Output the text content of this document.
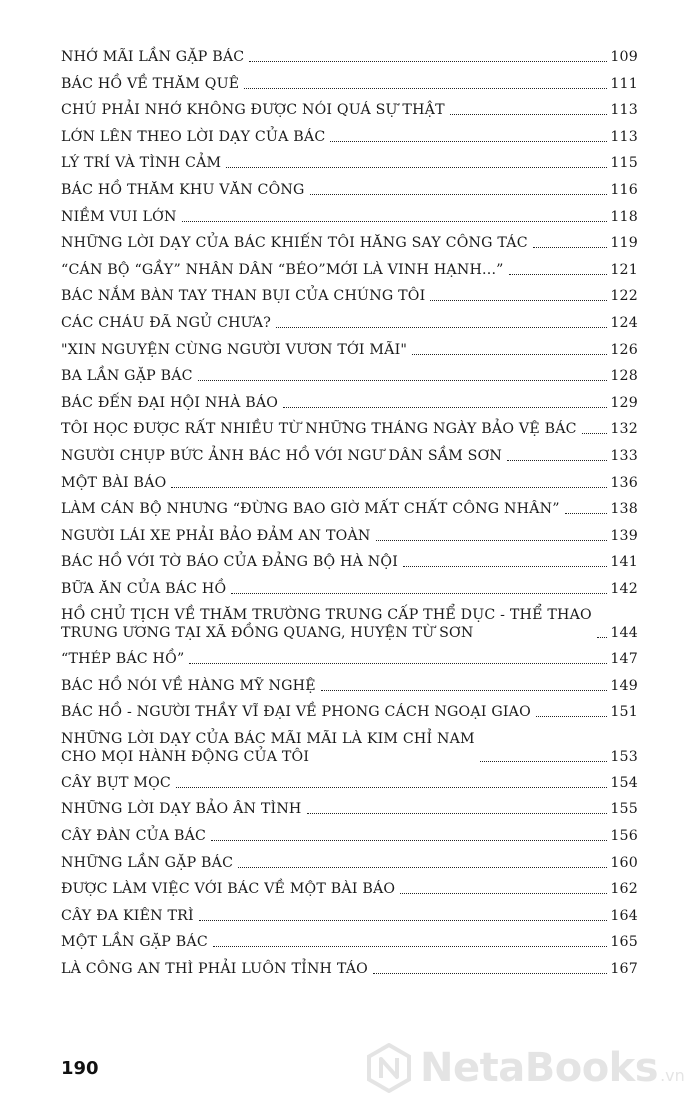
NHỚ MÃI LẦN GẶP BÁC	109
BÁC HỒ VỀ THĂM QUÊ	111
CHÚ PHẢI NHỚ KHÔNG ĐƯỢC NÓI QUÁ SỰ THẬT	113
LỚN LÊN THEO LỜI DẠY CỦA BÁC	113
LÝ TRÍ VÀ TÌNH CẢM	115
BÁC HỒ THĂM KHU VĂN CÔNG	116
NIỀM VUI LỚN	118
NHỮNG LỜI DẠY CỦA BÁC KHIẾN TÔI HĂNG SAY CÔNG TÁC	119
“CÁN BỘ “GẦY” NHÂN DÂN “BÉO”MỚI LÀ VINH HẠNH...”	121
BÁC NẮM BÀN TAY THAN BỤI CỦA CHÚNG TÔI	122
CÁC CHÁU ĐÃ NGỦ CHƯA?	124
"XIN NGUYỆN CÙNG NGƯỜI VƯƠN TỚI MÃI"	126
BA LẦN GẶP BÁC	128
BÁC ĐẾN ĐẠI HỘI NHÀ BÁO	129
TÔI HỌC ĐƯỢC RẤT NHIỀU TỪ NHỮNG THÁNG NGÀY BẢO VỆ BÁC 132
NGƯỜI CHỤP BỨC ẢNH BÁC HỒ VỚI NGƯ DÂN SẦM SƠN	133
MỘT BÀI BÁO	136
LÀM CÁN BỘ NHƯNG “ĐỪNG BAO GIỜ MẤT CHẤT CÔNG NHÂN”	138
NGƯỜI LÁI XE PHẢI BẢO ĐẢM AN TOÀN	139
BÁC HỒ VỚI TỜ BÁO CỦA ĐẢNG BỘ HÀ NỘI	141
BỮA ĂN CỦA BÁC HỒ	142
HỒ CHỦ TỊCH VỀ THĂM TRƯỜNG TRUNG CẤP THỂ DỤC - THỂ THAO
TRUNG ƯƠNG TẠI XÃ ĐỒNG QUANG, HUYỆN TỪ SƠN	144
“THÉP BÁC HỒ”	147
BÁC HỒ NÓI VỀ HÀNG MỸ NGHỆ	149
BÁC HỒ - NGƯỜI THẦY VĨ ĐẠI VỀ PHONG CÁCH NGOẠI GIAO	151
NHỮNG LỜI DẠY CỦA BÁC MÃI MÃI LÀ KIM CHỈ NAM
CHO MỌI HÀNH ĐỘNG CỦA TÔI	153
CÂY BỤT MỌC	154
NHỮNG LỜI DẠY BẢO ÂN TÌNH	155
CÂY ĐÀN CỦA BÁC	156
NHỮNG LẦN GẶP BÁC	160
ĐƯỢC LÀM VIỆC VỚI BÁC VỀ MỘT BÀI BÁO	162
CÂY ĐA KIÊN TRÌ	164
MỘT LẦN GẶP BÁC	165
LÀ CÔNG AN THÌ PHẢI LUÔN TỈNH TÁO	167
190	NetaBooks .vn
